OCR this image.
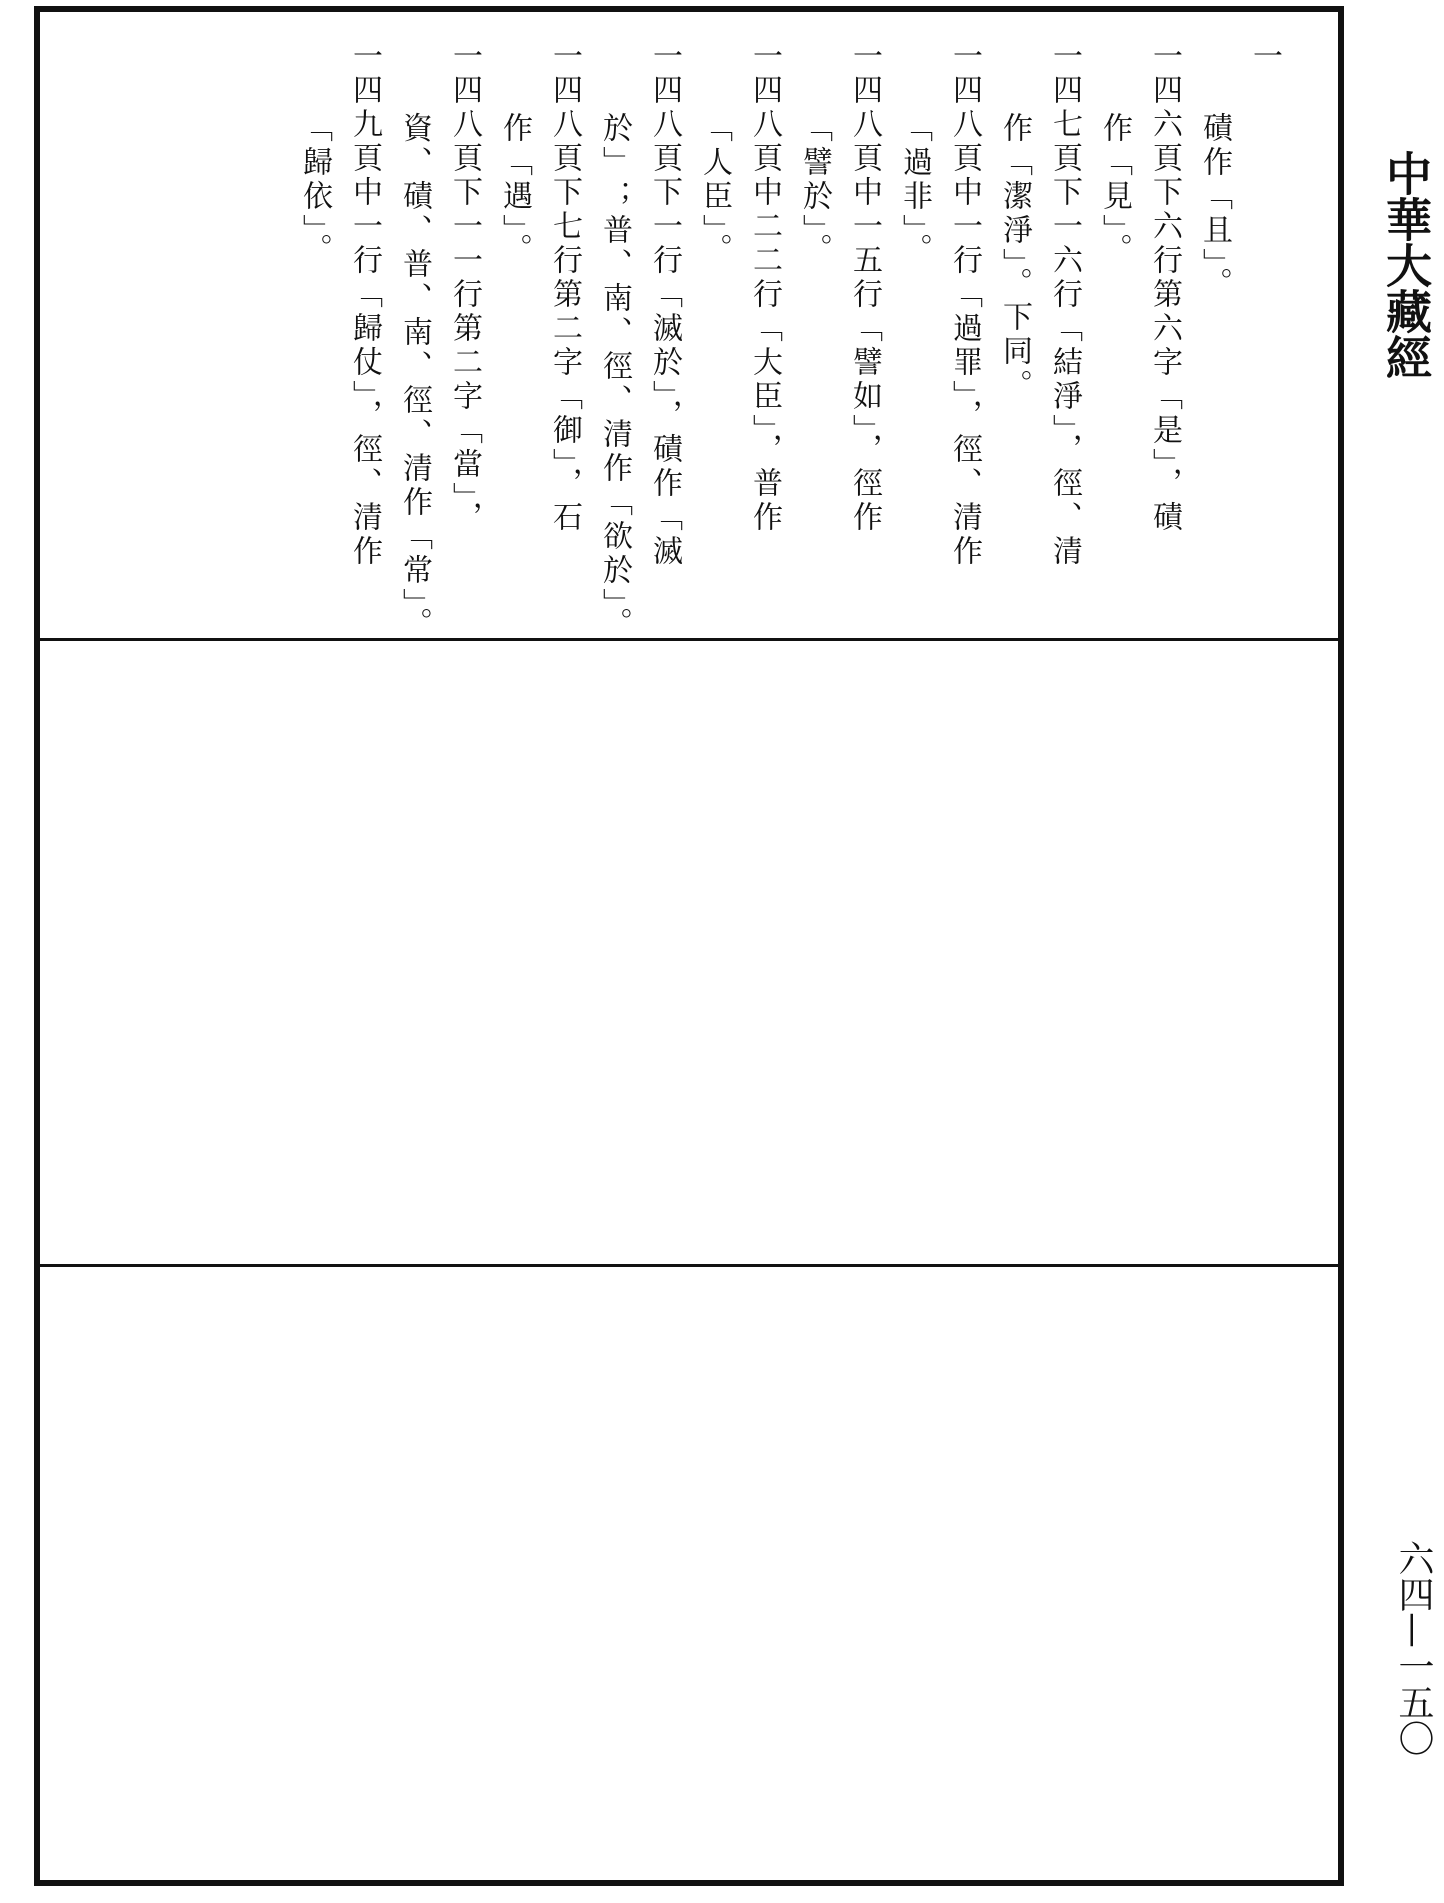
中華大藏經
六四—一五〇
一
磧作「且」。
一四六頁下六行第六字「是」，磧
作「見」。
一四七頁下一六行「結淨」，徑、清
作「潔淨」。下同。
一四八頁中一行「過罪」，徑、清作
「過非」。
一四八頁中一五行「譬如」，徑作
「譬於」。
一四八頁中二二行「大臣」，普作
「人臣」。
一四八頁下一行「滅於」，磧作「滅
於」；普、南、徑、清作「欲於」。
一四八頁下七行第二字「御」，石
作「遇」。
一四八頁下一一行第二字「當」，
資、磧、普、南、徑、清作「常」。
一四九頁中一行「歸仗」，徑、清作
「歸依」。
